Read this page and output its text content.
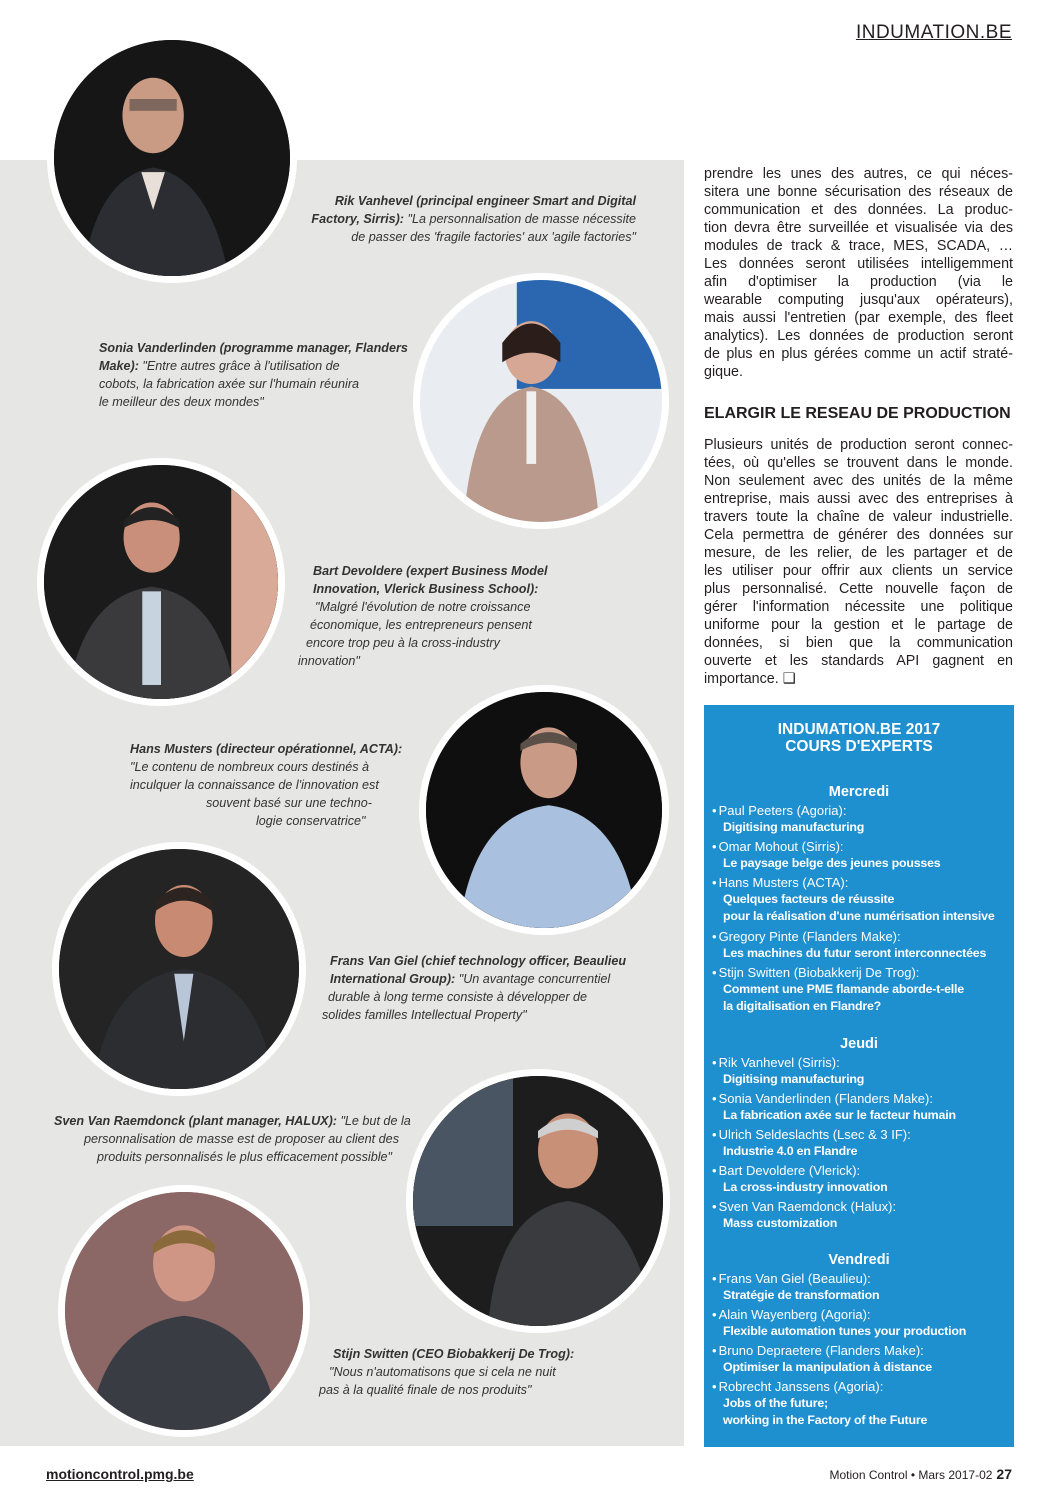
INDUMATION.BE
Rik Vanhevel (principal engineer Smart and Digital
Factory, Sirris): "La personnalisation de masse nécessite
de passer des 'fragile factories' aux 'agile factories"
Sonia Vanderlinden (programme manager, Flanders
Make): "Entre autres grâce à l'utilisation de
cobots, la fabrication axée sur l'humain réunira
le meilleur des deux mondes"
Bart Devoldere (expert Business Model
Innovation, Vlerick Business School):
"Malgré l'évolution de notre croissance
économique, les entrepreneurs pensent
encore trop peu à la cross-industry
innovation"
Hans Musters (directeur opérationnel, ACTA):
"Le contenu de nombreux cours destinés à
inculquer la connaissance de l'innovation est
souvent basé sur une techno-
logie conservatrice"
Frans Van Giel (chief technology officer, Beaulieu
International Group): "Un avantage concurrentiel
durable à long terme consiste à développer de
solides familles Intellectual Property"
Sven Van Raemdonck (plant manager, HALUX): "Le but de la
personnalisation de masse est de proposer au client des
produits personnalisés le plus efficacement possible"
Stijn Switten (CEO Biobakkerij De Trog):
"Nous n'automatisons que si cela ne nuit
pas à la qualité finale de nos produits"
prendre les unes des autres, ce qui néces-
sitera une bonne sécurisation des réseaux de
communication et des données. La produc-
tion devra être surveillée et visualisée via des
modules de track & trace, MES, SCADA, …
Les données seront utilisées intelligemment
afin d'optimiser la production (via le
wearable computing jusqu'aux opérateurs),
mais aussi l'entretien (par exemple, des fleet
analytics). Les données de production seront
de plus en plus gérées comme un actif straté-
gique.
ELARGIR LE RESEAU DE PRODUCTION
Plusieurs unités de production seront connec-
tées, où qu'elles se trouvent dans le monde.
Non seulement avec des unités de la même
entreprise, mais aussi avec des entreprises à
travers toute la chaîne de valeur industrielle.
Cela permettra de générer des données sur
mesure, de les relier, de les partager et de
les utiliser pour offrir aux clients un service
plus personnalisé. Cette nouvelle façon de
gérer l'information nécessite une politique
uniforme pour la gestion et le partage de
données, si bien que la communication
ouverte et les standards API gagnent en
importance. ❑
INDUMATION.BE 2017
COURS D'EXPERTS
Mercredi
• Paul Peeters (Agoria):
Digitising manufacturing
• Omar Mohout (Sirris):
Le paysage belge des jeunes pousses
• Hans Musters (ACTA):
Quelques facteurs de réussite
pour la réalisation d'une numérisation intensive
• Gregory Pinte (Flanders Make):
Les machines du futur seront interconnectées
• Stijn Switten (Biobakkerij De Trog):
Comment une PME flamande aborde-t-elle
la digitalisation en Flandre?
Jeudi
• Rik Vanhevel (Sirris):
Digitising manufacturing
• Sonia Vanderlinden (Flanders Make):
La fabrication axée sur le facteur humain
• Ulrich Seldeslachts (Lsec & 3 IF):
Industrie 4.0 en Flandre
• Bart Devoldere (Vlerick):
La cross-industry innovation
• Sven Van Raemdonck (Halux):
Mass customization
Vendredi
• Frans Van Giel (Beaulieu):
Stratégie de transformation
• Alain Wayenberg (Agoria):
Flexible automation tunes your production
• Bruno Depraetere (Flanders Make):
Optimiser la manipulation à distance
• Robrecht Janssens (Agoria):
Jobs of the future;
working in the Factory of the Future
motioncontrol.pmg.be	Motion Control • Mars 2017-02 27
